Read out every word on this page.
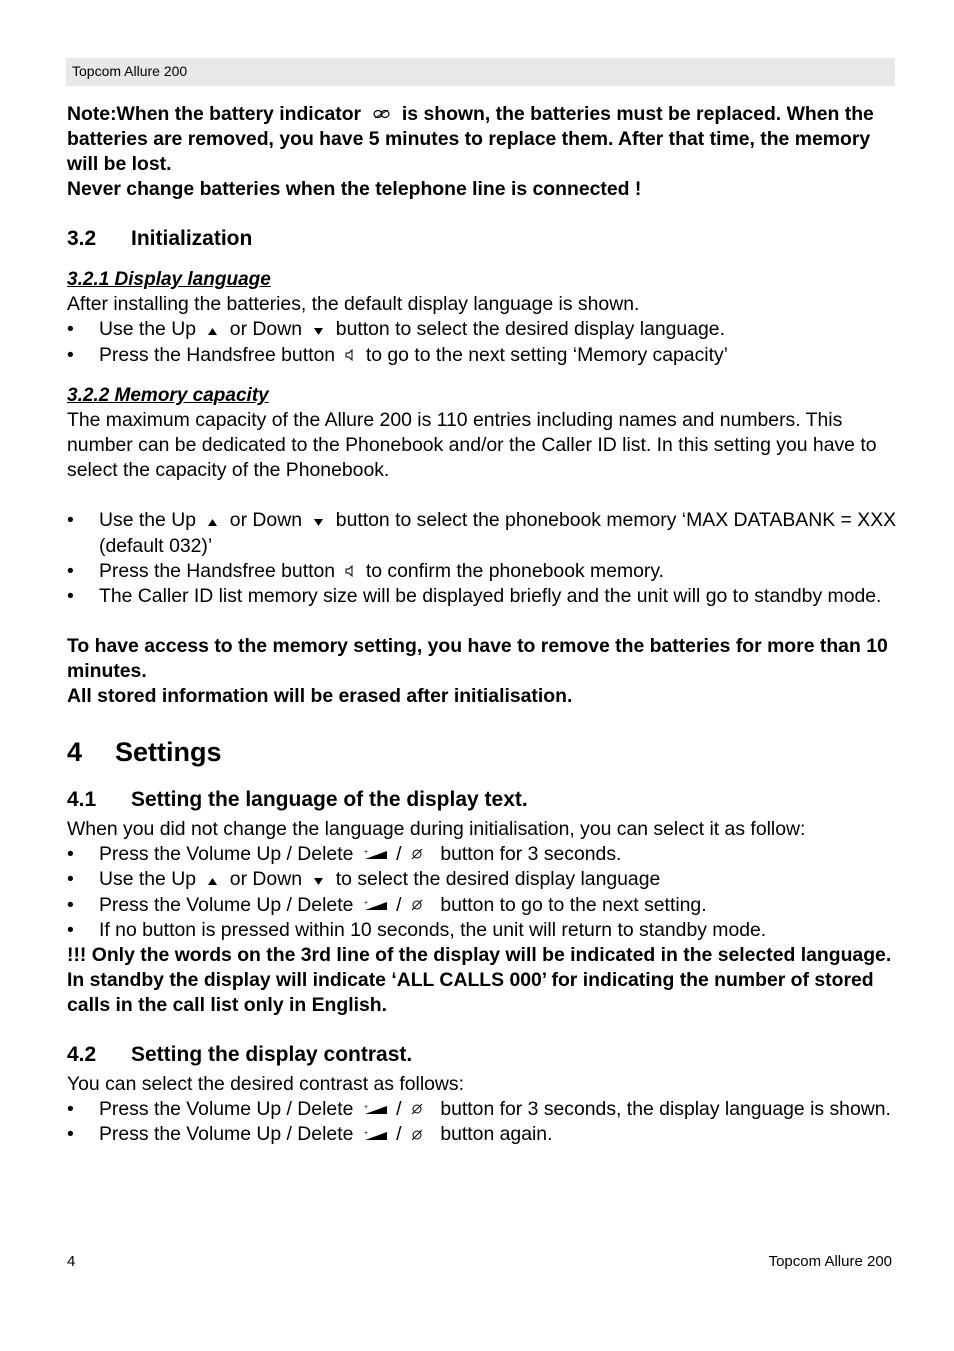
Topcom Allure 200

Note:When the battery indicator is shown, the batteries must be replaced. When the batteries are removed, you have 5 minutes to replace them. After that time, the memory will be lost.

Never change batteries when the telephone line is connected !

3.2 Initialization
3.2.1 Display language

After installing the batteries, the default display language is shown.

• Use the Up or Down button to select the desired display language.
• Press the Handsfree button to go to the next setting ‘Memory capacity’
3.2.2 Memory capacity

The maximum capacity of the Allure 200 is 110 entries including names and numbers. This number can be dedicated to the Phonebook and/or the Caller ID list. In this setting you have to select the capacity of the Phonebook.

• Use the Up or Down button to select the phonebook memory ‘MAX DATABANK = XXX (default 032)’
• Press the Handsfree button to confirm the phonebook memory.
• The Caller ID list memory size will be displayed briefly and the unit will go to standby mode.

To have access to the memory setting, you have to remove the batteries for more than 10 minutes.

All stored information will be erased after initialisation.

4 Settings
4.1 Setting the language of the display text.

When you did not change the language during initialisation, you can select it as follow:

• Press the Volume Up / Delete + /  button for 3 seconds.
• Use the Up or Down to select the desired display language
• Press the Volume Up / Delete + /  button to go to the next setting.
• If no button is pressed within 10 seconds, the unit will return to standby mode.

!!! Only the words on the 3rd line of the display will be indicated in the selected language. In standby the display will indicate ‘ALL CALLS 000’ for indicating the number of stored calls in the call list only in English.

4.2 Setting the display contrast.

You can select the desired contrast as follows:

• Press the Volume Up / Delete + /  button for 3 seconds, the display language is shown.
• Press the Volume Up / Delete + /  button again.
4	Topcom Allure 200
